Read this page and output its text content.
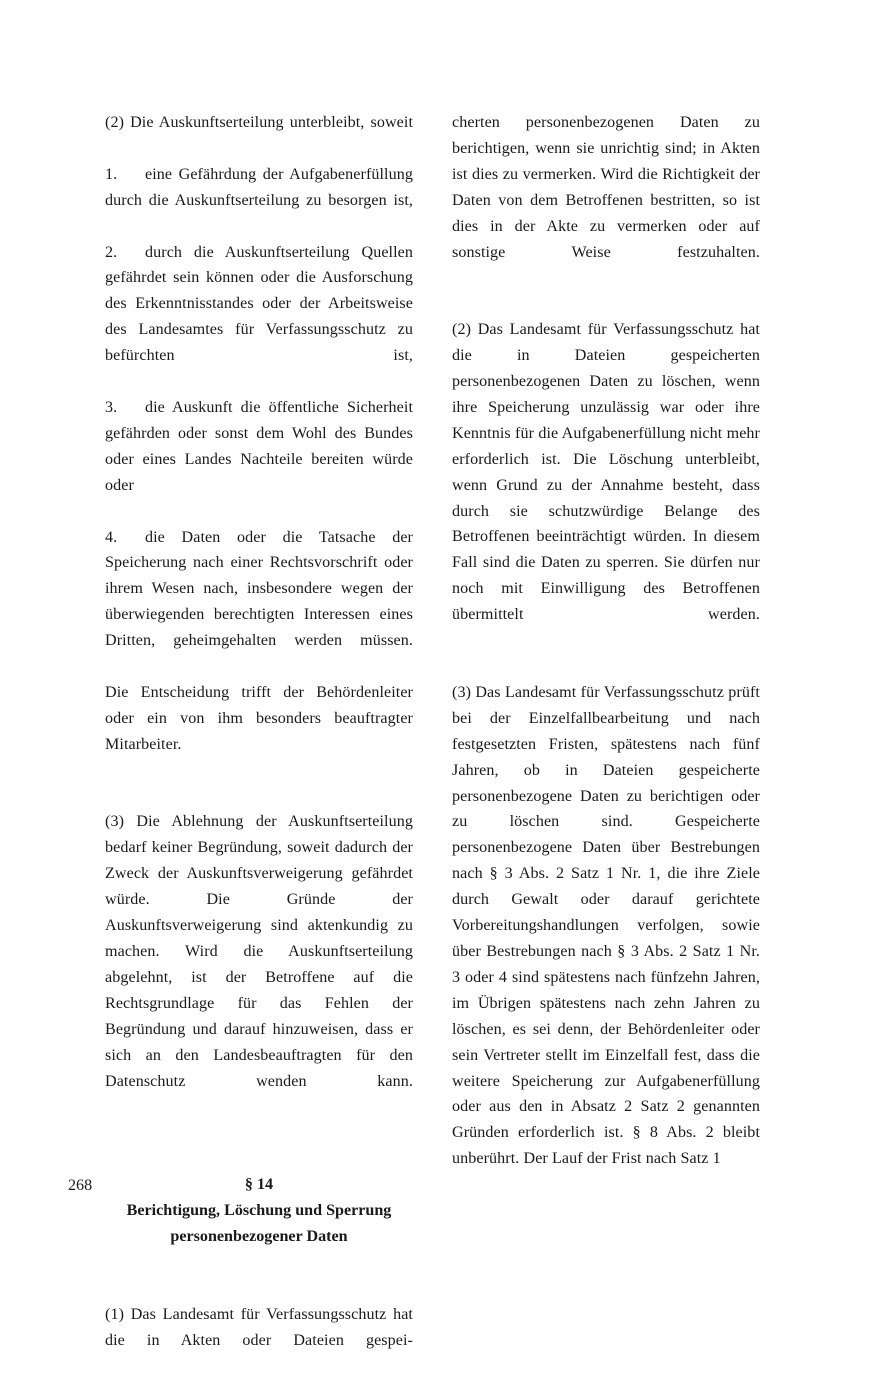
(2) Die Auskunftserteilung unterbleibt, soweit

1. eine Gefährdung der Aufgabenerfüllung durch die Auskunftserteilung zu besorgen ist,

2. durch die Auskunftserteilung Quellen gefährdet sein können oder die Ausforschung des Erkenntnisstandes oder der Arbeitsweise des Landesamtes für Verfassungsschutz zu befürchten ist,

3. die Auskunft die öffentliche Sicherheit gefährden oder sonst dem Wohl des Bundes oder eines Landes Nachteile bereiten würde oder

4. die Daten oder die Tatsache der Speicherung nach einer Rechtsvorschrift oder ihrem Wesen nach, insbesondere wegen der überwiegenden berechtigten Interessen eines Dritten, geheimgehalten werden müssen.

Die Entscheidung trifft der Behördenleiter oder ein von ihm besonders beauftragter Mitarbeiter.

(3) Die Ablehnung der Auskunftserteilung bedarf keiner Begründung, soweit dadurch der Zweck der Auskunftsverweigerung gefährdet würde. Die Gründe der Auskunftsverweigerung sind aktenkundig zu machen. Wird die Auskunftserteilung abgelehnt, ist der Betroffene auf die Rechtsgrundlage für das Fehlen der Begründung und darauf hinzuweisen, dass er sich an den Landesbeauftragten für den Datenschutz wenden kann.

§ 14

Berichtigung, Löschung und Sperrung

personenbezogener Daten

(1) Das Landesamt für Verfassungsschutz hat die in Akten oder Dateien gespei-

cherten personenbezogenen Daten zu berichtigen, wenn sie unrichtig sind; in Akten ist dies zu vermerken. Wird die Richtigkeit der Daten von dem Betroffenen bestritten, so ist dies in der Akte zu vermerken oder auf sonstige Weise festzuhalten.

(2) Das Landesamt für Verfassungsschutz hat die in Dateien gespeicherten personenbezogenen Daten zu löschen, wenn ihre Speicherung unzulässig war oder ihre Kenntnis für die Aufgabenerfüllung nicht mehr erforderlich ist. Die Löschung unterbleibt, wenn Grund zu der Annahme besteht, dass durch sie schutzwürdige Belange des Betroffenen beeinträchtigt würden. In diesem Fall sind die Daten zu sperren. Sie dürfen nur noch mit Einwilligung des Betroffenen übermittelt werden.

(3) Das Landesamt für Verfassungsschutz prüft bei der Einzelfallbearbeitung und nach festgesetzten Fristen, spätestens nach fünf Jahren, ob in Dateien gespeicherte personenbezogene Daten zu berichtigen oder zu löschen sind. Gespeicherte personenbezogene Daten über Bestrebungen nach § 3 Abs. 2 Satz 1 Nr. 1, die ihre Ziele durch Gewalt oder darauf gerichtete Vorbereitungshandlungen verfolgen, sowie über Bestrebungen nach § 3 Abs. 2 Satz 1 Nr. 3 oder 4 sind spätestens nach fünfzehn Jahren, im Übrigen spätestens nach zehn Jahren zu löschen, es sei denn, der Behördenleiter oder sein Vertreter stellt im Einzelfall fest, dass die weitere Speicherung zur Aufgabenerfüllung oder aus den in Absatz 2 Satz 2 genannten Gründen erforderlich ist. § 8 Abs. 2 bleibt unberührt. Der Lauf der Frist nach Satz 1

268
